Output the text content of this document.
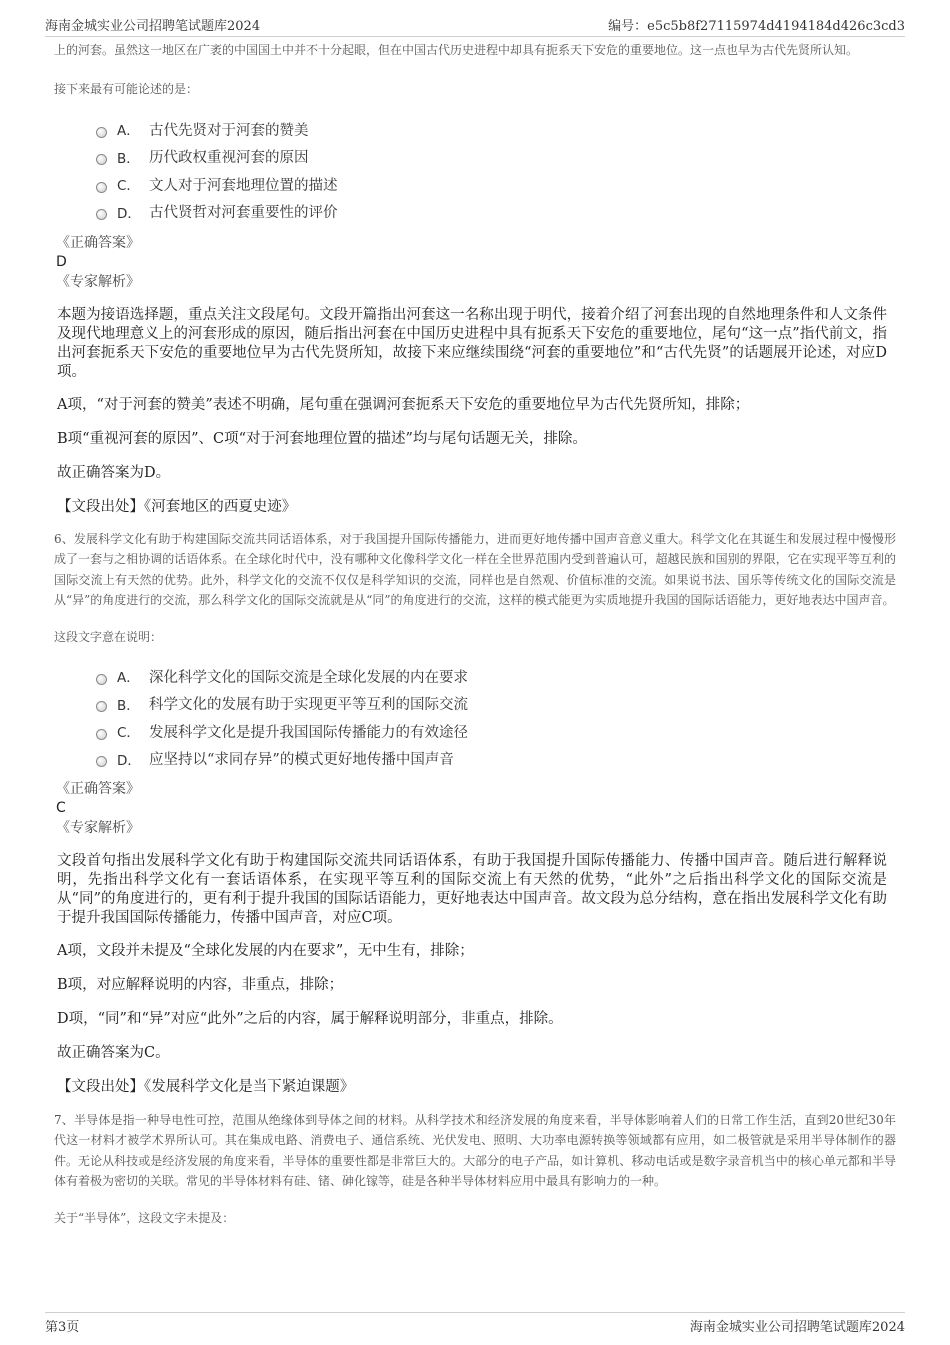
海南金城实业公司招聘笔试题库2024	编号：e5c5b8f27115974d4194184d426c3cd3
上的河套。虽然这一地区在广袤的中国国土中并不十分起眼，但在中国古代历史进程中却具有扼系天下安危的重要地位。这一点也早为古代先贤所认知。
接下来最有可能论述的是：
A． 古代先贤对于河套的赞美
B． 历代政权重视河套的原因
C． 文人对于河套地理位置的描述
D． 古代贤哲对河套重要性的评价
《正确答案》
D
《专家解析》

本题为接语选择题，重点关注文段尾句。文段开篇指出河套这一名称出现于明代，接着介绍了河套出现的自然地理条件和人文条件及现代地理意义上的河套形成的原因，随后指出河套在中国历史进程中具有扼系天下安危的重要地位，尾句“这一点”指代前文，指出河套扼系天下安危的重要地位早为古代先贤所知，故接下来应继续围绕“河套的重要地位”和“古代先贤”的话题展开论述，对应D项。

A项，“对于河套的赞美”表述不明确，尾句重在强调河套扼系天下安危的重要地位早为古代先贤所知，排除；
B项“重视河套的原因”、C项“对于河套地理位置的描述”均与尾句话题无关，排除。
故正确答案为D。
【文段出处】《河套地区的西夏史迹》
6、发展科学文化有助于构建国际交流共同话语体系，对于我国提升国际传播能力，进而更好地传播中国声音意义重大。科学文化在其诞生和发展过程中慢慢形成了一套与之相协调的话语体系。在全球化时代中，没有哪种文化像科学文化一样在全世界范围内受到普遍认可，超越民族和国别的界限，它在实现平等互利的国际交流上有天然的优势。此外，科学文化的交流不仅仅是科学知识的交流，同样也是自然观、价值标准的交流。如果说书法、国乐等传统文化的国际交流是从“异”的角度进行的交流，那么科学文化的国际交流就是从“同”的角度进行的交流，这样的模式能更为实质地提升我国的国际话语能力，更好地表达中国声音。
这段文字意在说明：
A． 深化科学文化的国际交流是全球化发展的内在要求
B． 科学文化的发展有助于实现更平等互利的国际交流
C． 发展科学文化是提升我国国际传播能力的有效途径
D． 应坚持以“求同存异”的模式更好地传播中国声音
《正确答案》
C
《专家解析》

文段首句指出发展科学文化有助于构建国际交流共同话语体系，有助于我国提升国际传播能力、传播中国声音。随后进行解释说明，先指出科学文化有一套话语体系，在实现平等互利的国际交流上有天然的优势，“此外”之后指出科学文化的国际交流是从“同”的角度进行的，更有利于提升我国的国际话语能力，更好地表达中国声音。故文段为总分结构，意在指出发展科学文化有助于提升我国国际传播能力，传播中国声音，对应C项。

A项，文段并未提及“全球化发展的内在要求”，无中生有，排除；
B项，对应解释说明的内容，非重点，排除；
D项，“同”和“异”对应“此外”之后的内容，属于解释说明部分，非重点，排除。
故正确答案为C。
【文段出处】《发展科学文化是当下紧迫课题》
7、半导体是指一种导电性可控，范围从绝缘体到导体之间的材料。从科学技术和经济发展的角度来看，半导体影响着人们的日常工作生活，直到20世纪30年代这一材料才被学术界所认可。其在集成电路、消费电子、通信系统、光伏发电、照明、大功率电源转换等领域都有应用，如二极管就是采用半导体制作的器件。无论从科技或是经济发展的角度来看，半导体的重要性都是非常巨大的。大部分的电子产品，如计算机、移动电话或是数字录音机当中的核心单元都和半导体有着极为密切的关联。常见的半导体材料有硅、锗、砷化镓等，硅是各种半导体材料应用中最具有影响力的一种。
关于“半导体”，这段文字未提及：
第3页	海南金城实业公司招聘笔试题库2024
